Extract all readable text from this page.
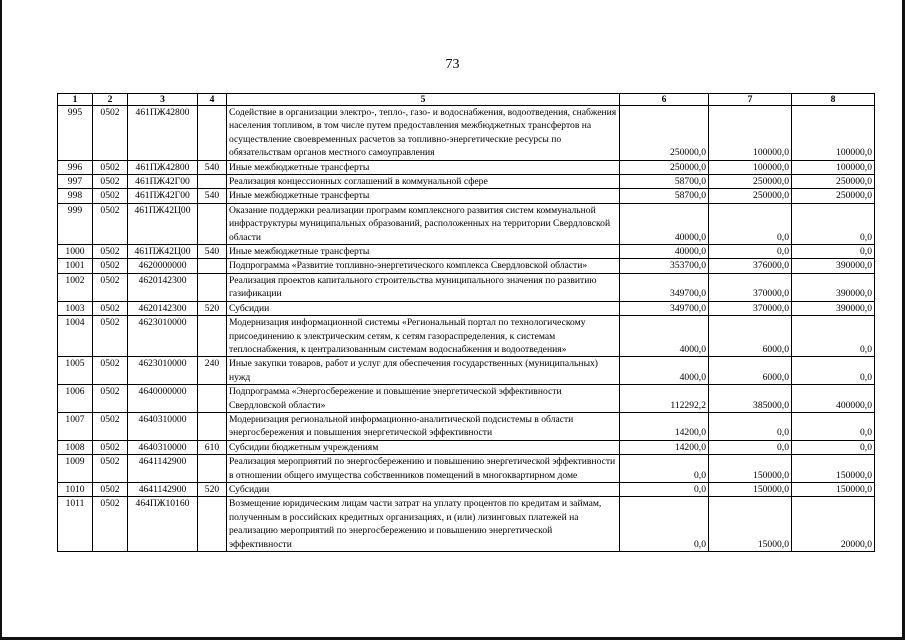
73
1	2	3	4	5	6	7	8
995	0502	461ПЖ42800		Содействие в организации электро-, тепло-, газо- и водоснабжения, водоотведения, снабжения населения топливом, в том числе путем предоставления межбюджетных трансфертов на осуществление своевременных расчетов за топливно-энергетические ресурсы по обязательствам органов местного самоуправления	250000,0	100000,0	100000,0
996	0502	461ПЖ42800	540	Иные межбюджетные трансферты	250000,0	100000,0	100000,0
997	0502	461ПЖ42Г00		Реализация концессионных соглашений в коммунальной сфере	58700,0	250000,0	250000,0
998	0502	461ПЖ42Г00	540	Иные межбюджетные трансферты	58700,0	250000,0	250000,0
999	0502	461ПЖ42Ц00		Оказание поддержки реализации программ комплексного развития систем коммунальной инфраструктуры муниципальных образований, расположенных на территории Свердловской области	40000,0	0,0	0,0
1000	0502	461ПЖ42Ц00	540	Иные межбюджетные трансферты	40000,0	0,0	0,0
1001	0502	4620000000		Подпрограмма «Развитие топливно-энергетического комплекса Свердловской области»	353700,0	376000,0	390000,0
1002	0502	4620142300		Реализация проектов капитального строительства муниципального значения по развитию газификации	349700,0	370000,0	390000,0
1003	0502	4620142300	520	Субсидии	349700,0	370000,0	390000,0
1004	0502	4623010000		Модернизация информационной системы «Региональный портал по технологическому присоединению к электрическим сетям, к сетям газораспределения, к системам теплоснабжения, к централизованным системам водоснабжения и водоотведения»	4000,0	6000,0	0,0
1005	0502	4623010000	240	Иные закупки товаров, работ и услуг для обеспечения государственных (муниципальных) нужд	4000,0	6000,0	0,0
1006	0502	4640000000		Подпрограмма «Энергосбережение и повышение энергетической эффективности Свердловской области»	112292,2	385000,0	400000,0
1007	0502	4640310000		Модернизация региональной информационно-аналитической подсистемы в области энергосбережения и повышения энергетической эффективности	14200,0	0,0	0,0
1008	0502	4640310000	610	Субсидии бюджетным учреждениям	14200,0	0,0	0,0
1009	0502	4641142900		Реализация мероприятий по энергосбережению и повышению энергетической эффективности в отношении общего имущества собственников помещений в многоквартирном доме	0,0	150000,0	150000,0
1010	0502	4641142900	520	Субсидии	0,0	150000,0	150000,0
1011	0502	464ПЖ10160		Возмещение юридическим лицам части затрат на уплату процентов по кредитам и займам, полученным в российских кредитных организациях, и (или) лизинговых платежей на реализацию мероприятий по энергосбережению и повышению энергетической эффективности	0,0	15000,0	20000,0
